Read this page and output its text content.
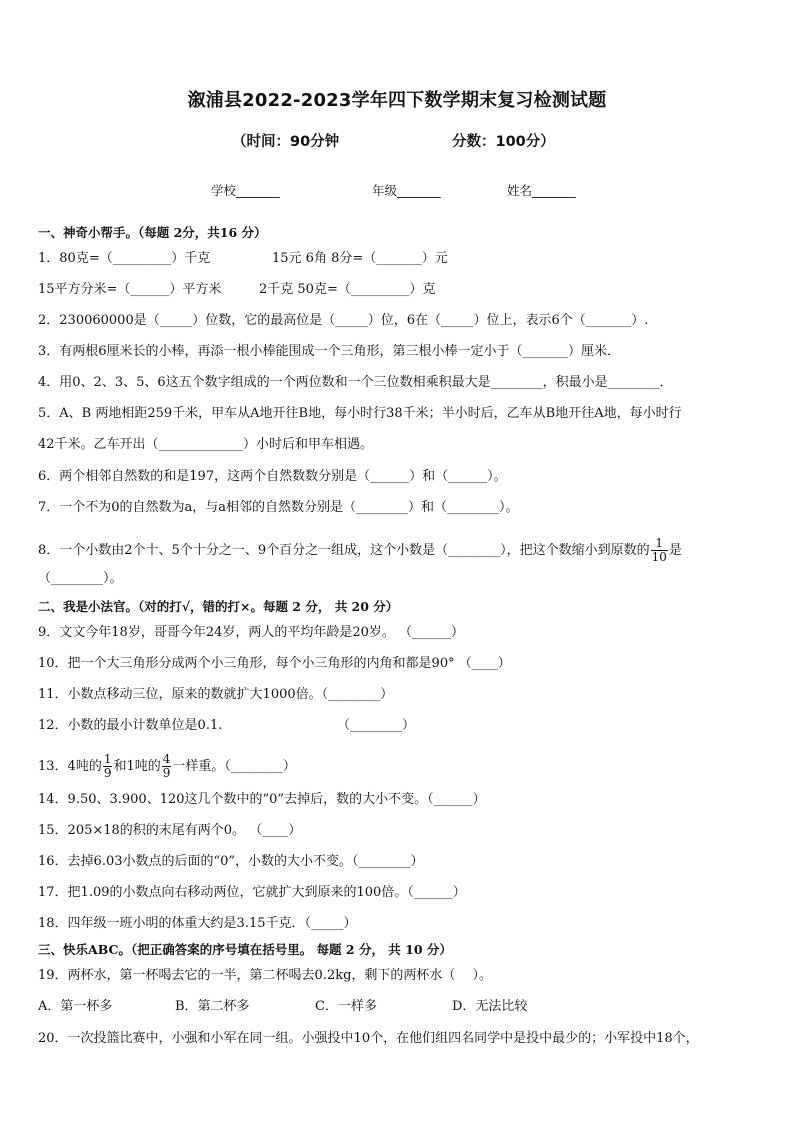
溆浦县2022-2023学年四下数学期末复习检测试题
（时间：90分钟	分数：100分）
学校_______	年级_______	姓名_______
一、神奇小帮手。（每题 2分，共16 分）
1．80克=（_________）千克	15元 6角 8分=（_______）元
15平方分米=（______）平方米	2千克 50克=（_________）克
2．230060000是（_____）位数，它的最高位是（_____）位，6在（_____）位上，表示6个（_______）.
3．有两根6厘米长的小棒，再添一根小棒能围成一个三角形，第三根小棒一定小于（_______）厘米．
4．用0、2、3、5、6这五个数字组成的一个两位数和一个三位数相乘积最大是________，积最小是________．
5．A、B 两地相距259千米，甲车从A地开往B地，每小时行38千米；半小时后，乙车从B地开往A地，每小时行
42千米。乙车开出（_____________）小时后和甲车相遇。
6．两个相邻自然数的和是197，这两个自然数数分别是（______）和（______）。
7．一个不为0的自然数为a，与a相邻的自然数分别是（________）和（________）。
8．一个小数由2个十、5个十分之一、9个百分之一组成，这个小数是（________），把这个数缩小到原数的 $\frac{1}{10}$ 是
（________）。
二、我是小法官。（对的打√，错的打×。每题 2 分， 共 20 分）
9．文文今年18岁，哥哥今年24岁，两人的平均年龄是20岁。 （______）
10．把一个大三角形分成两个小三角形，每个小三角形的内角和都是90° （____）
11．小数点移动三位，原来的数就扩大1000倍。（________）
12．小数的最小计数单位是0.1.	（________）
13．4吨的 $\frac{1}{9}$ 和1吨的 $\frac{4}{9}$ 一样重。（________）
14．9.50、3.900、120这几个数中的“0”去掉后，数的大小不变。（______）
15．205×18的积的末尾有两个0。 （____）
16．去掉6.03小数点的后面的“0”，小数的大小不变。（________）
17．把1.09的小数点向右移动两位，它就扩大到原来的100倍。（______）
18．四年级一班小明的体重大约是3.15千克．（_____）
三、快乐ABC。（把正确答案的序号填在括号里。 每题 2 分， 共 10 分）
19．两杯水，第一杯喝去它的一半，第二杯喝去0.2kg，剩下的两杯水（　 ）。
A．第一杯多	B．第二杯多	C．一样多	D．无法比较
20．一次投篮比赛中，小强和小军在同一组。小强投中10个，在他们组四名同学中是投中最少的；小军投中18个，
